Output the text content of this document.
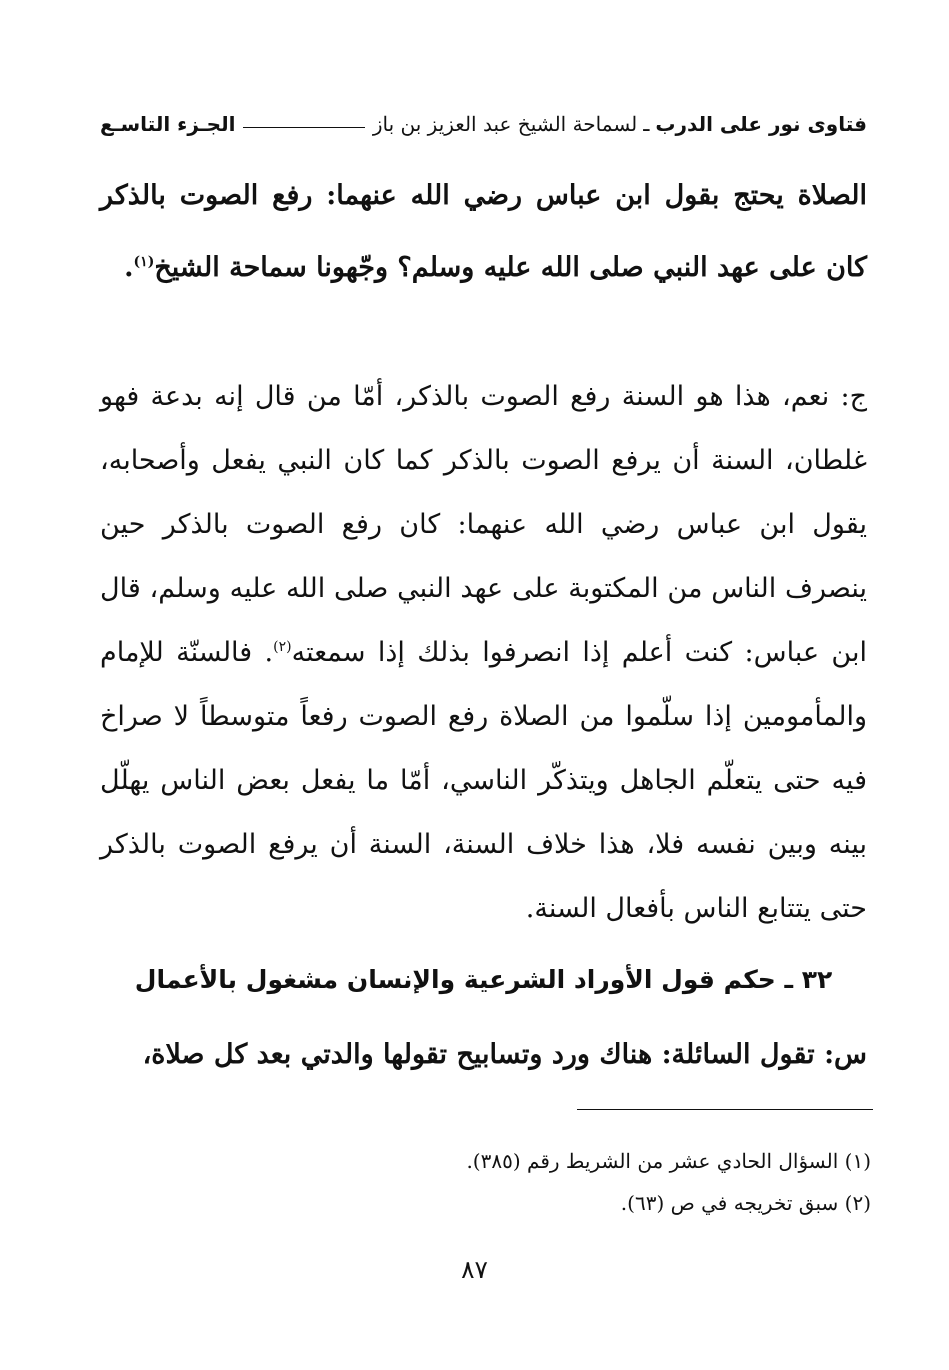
فتاوى نور على الدرب
ـ
لسماحة الشيخ عبد العزيز بن باز
الجـزء التاسـع

الصلاة يحتج بقول ابن عباس رضي الله عنهما: رفع الصوت بالذكر كان على عهد النبي صلى الله عليه وسلم؟ وجّهونا سماحة الشيخ$^{(١)}$.

ج: نعم، هذا هو السنة رفع الصوت بالذكر، أمّا من قال إنه بدعة فهو غلطان، السنة أن يرفع الصوت بالذكر كما كان النبي يفعل وأصحابه، يقول ابن عباس رضي الله عنهما: كان رفع الصوت بالذكر حين ينصرف الناس من المكتوبة على عهد النبي صلى الله عليه وسلم، قال ابن عباس: كنت أعلم إذا انصرفوا بذلك إذا سمعته$^{(٢)}$. فالسنّة للإمام والمأمومين إذا سلّموا من الصلاة رفع الصوت رفعاً متوسطاً لا صراخ فيه حتى يتعلّم الجاهل ويتذكّر الناسي، أمّا ما يفعل بعض الناس يهلّل بينه وبين نفسه فلا، هذا خلاف السنة، السنة أن يرفع الصوت بالذكر حتى يتتابع الناس بأفعال السنة.

٣٢ ـ حكم قول الأوراد الشرعية والإنسان مشغول بالأعمال

س: تقول السائلة: هناك ورد وتسابيح تقولها والدتي بعد كل صلاة،

(١) السؤال الحادي عشر من الشريط رقم (٣٨٥).
(٢) سبق تخريجه في ص (٦٣).
٨٧
